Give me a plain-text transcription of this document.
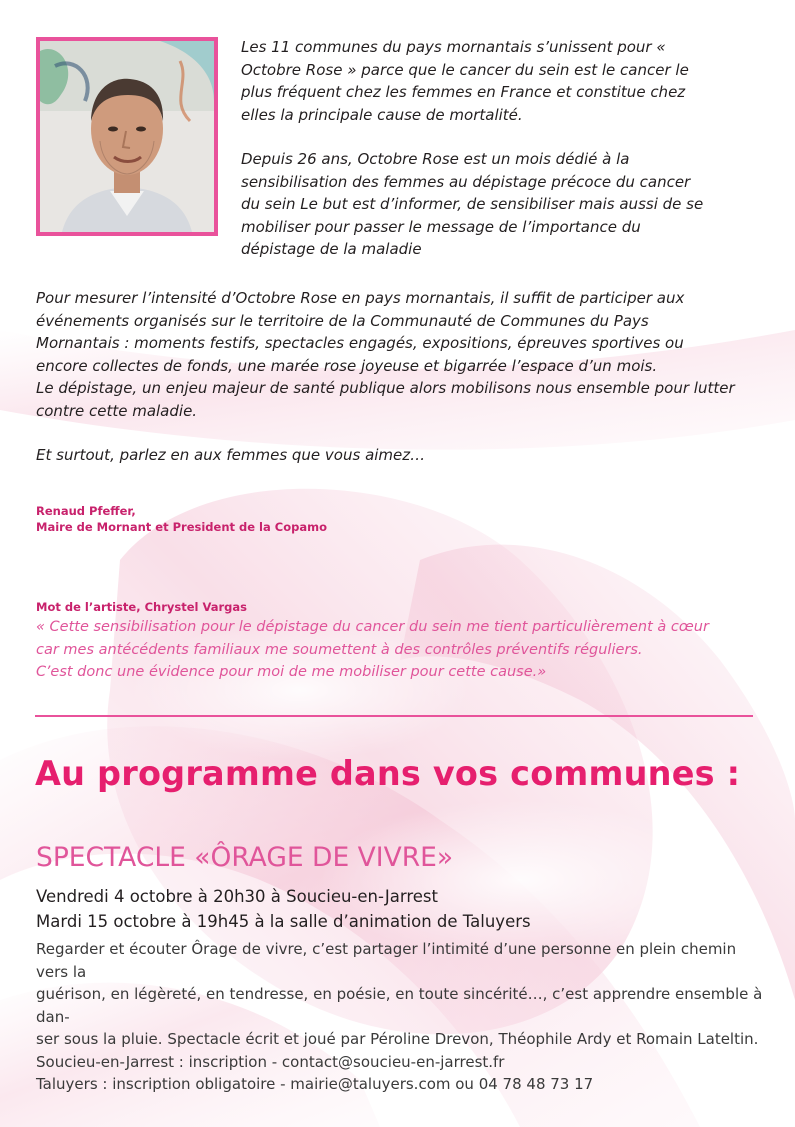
Les 11 communes du pays mornantais s’unissent pour « Octobre Rose » parce que le cancer du sein est le cancer le plus fréquent chez les femmes en France et constitue chez elles la principale cause de mortalité.

Depuis 26 ans, Octobre Rose est un mois dédié à la sensibilisation des femmes au dépistage précoce du cancer du sein Le but est d’informer, de sensibiliser mais aussi de se mobiliser pour passer le message de l’importance du dépistage de la maladie

Pour mesurer l’intensité d’Octobre Rose en pays mornantais, il suffit de participer aux événements organisés sur le territoire de la Communauté de Communes du Pays Mornantais : moments festifs, spectacles engagés, expositions, épreuves sportives ou encore collectes de fonds, une marée rose joyeuse et bigarrée l’espace d’un mois.
Le dépistage, un enjeu majeur de santé publique alors mobilisons nous ensemble pour lutter contre cette maladie.

Et surtout, parlez en aux femmes que vous aimez…

Renaud Pfeffer,
Maire de Mornant et President de la Copamo
Mot de l’artiste, Chrystel Vargas
« Cette sensibilisation pour le dépistage du cancer du sein me tient particulièrement à cœur
car mes antécédents familiaux me soumettent à des contrôles préventifs réguliers.
C’est donc une évidence pour moi de me mobiliser pour cette cause.»
Au programme dans vos communes :
SPECTACLE «ÔRAGE DE VIVRE»
Vendredi 4 octobre à 20h30 à Soucieu-en-Jarrest
Mardi 15 octobre à 19h45 à la salle d’animation de Taluyers
Regarder et écouter Ôrage de vivre, c’est partager l’intimité d’une personne en plein chemin vers la
guérison, en légèreté, en tendresse, en poésie, en toute sincérité…, c’est apprendre ensemble à dan-
ser sous la pluie. Spectacle écrit et joué par Péroline Drevon, Théophile Ardy et Romain Lateltin.
Soucieu-en-Jarrest : inscription - contact@soucieu-en-jarrest.fr
Taluyers : inscription obligatoire - mairie@taluyers.com ou 04 78 48 73 17
